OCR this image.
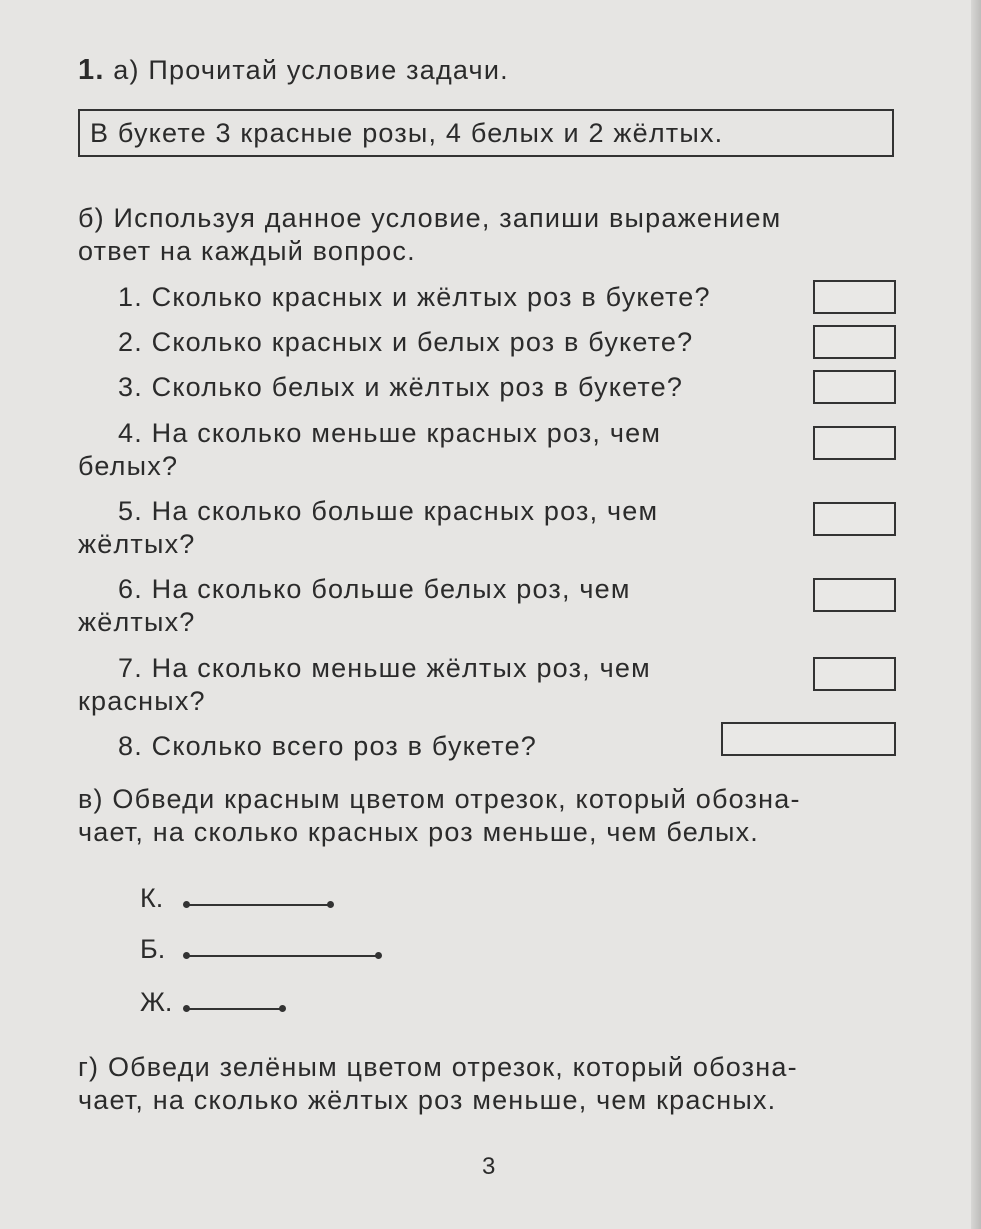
1. а) Прочитай условие задачи.
В букете 3 красные розы, 4 белых и 2 жёлтых.
б) Используя данное условие, запиши выражением
ответ на каждый вопрос.
1. Сколько красных и жёлтых роз в букете?
2. Сколько красных и белых роз в букете?
3. Сколько белых и жёлтых роз в букете?
4. На сколько меньше красных роз, чем
белых?
5. На сколько больше красных роз, чем
жёлтых?
6. На сколько больше белых роз, чем
жёлтых?
7. На сколько меньше жёлтых роз, чем
красных?
8. Сколько всего роз в букете?
в) Обведи красным цветом отрезок, который обозна-
чает, на сколько красных роз меньше, чем белых.
К.
Б.
Ж.
г) Обведи зелёным цветом отрезок, который обозна-
чает, на сколько жёлтых роз меньше, чем красных.
3
